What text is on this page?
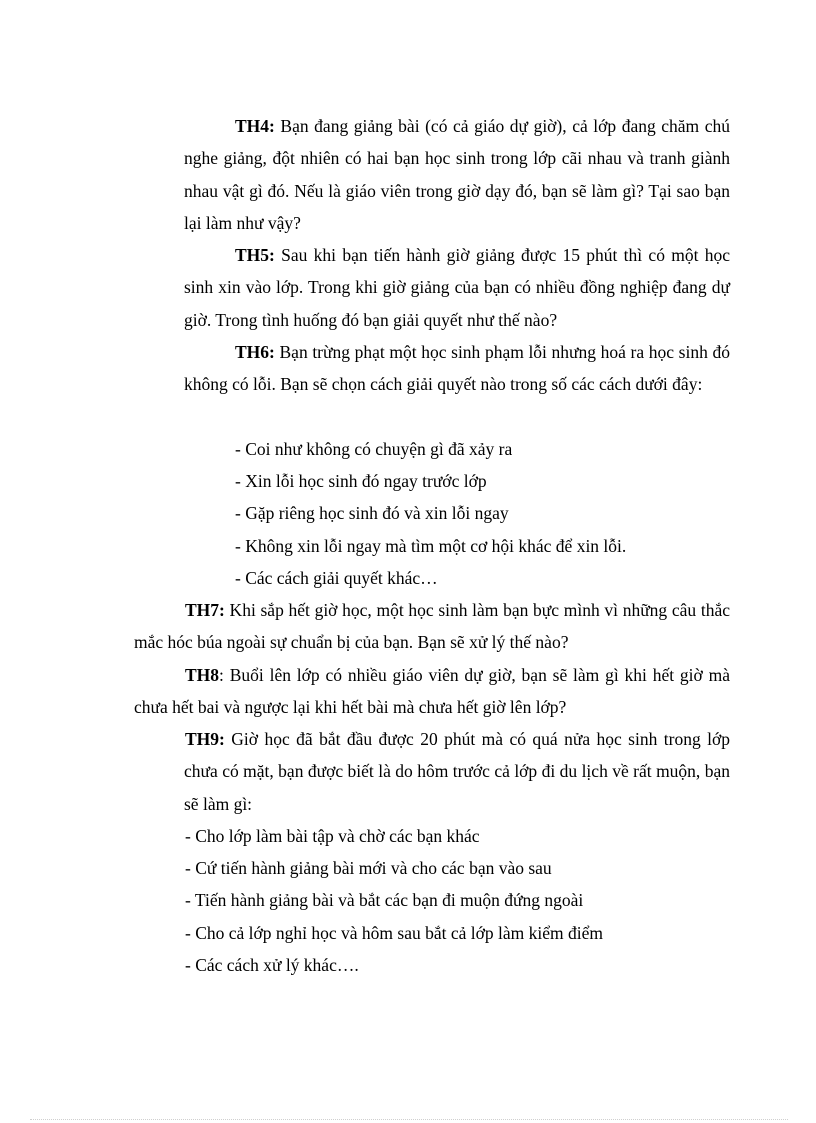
TH4: Bạn đang giảng bài (có cả giáo dự giờ), cả lớp đang chăm chú nghe giảng, đột nhiên có hai bạn học sinh trong lớp cãi nhau và tranh giành nhau vật gì đó. Nếu là giáo viên trong giờ dạy đó, bạn sẽ làm gì? Tại sao bạn lại làm như vậy?

TH5: Sau khi bạn tiến hành giờ giảng được 15 phút thì có một học sinh xin vào lớp. Trong khi giờ giảng của bạn có nhiều đồng nghiệp đang dự giờ. Trong tình huống đó bạn giải quyết như thế nào?

TH6: Bạn trừng phạt một học sinh phạm lỗi nhưng hoá ra học sinh đó không có lỗi. Bạn sẽ chọn cách giải quyết nào trong số các cách dưới đây:

- Coi như không có chuyện gì đã xảy ra

- Xin lỗi học sinh đó ngay trước lớp

- Gặp riêng học sinh đó và xin lỗi ngay

- Không xin lỗi ngay mà tìm một cơ hội khác để xin lỗi.

- Các cách giải quyết khác…

TH7: Khi sắp hết giờ học, một học sinh làm bạn bực mình vì những câu thắc mắc hóc búa ngoài sự chuẩn bị của bạn. Bạn sẽ xử lý thế nào?

TH8: Buổi lên lớp có nhiều giáo viên dự giờ, bạn sẽ làm gì khi hết giờ mà chưa hết bai và ngược lại khi hết bài mà chưa hết giờ lên lớp?

TH9: Giờ học đã bắt đầu được 20 phút mà có quá nửa học sinh trong lớp chưa có mặt, bạn được biết là do hôm trước cả lớp đi du lịch về rất muộn, bạn sẽ làm gì:

- Cho lớp làm bài tập và chờ các bạn khác

- Cứ tiến hành giảng bài mới và cho các bạn vào sau

- Tiến hành giảng bài và bắt các bạn đi muộn đứng ngoài

- Cho cả lớp nghỉ học và hôm sau bắt cả lớp làm kiểm điểm

- Các cách xử lý khác….
